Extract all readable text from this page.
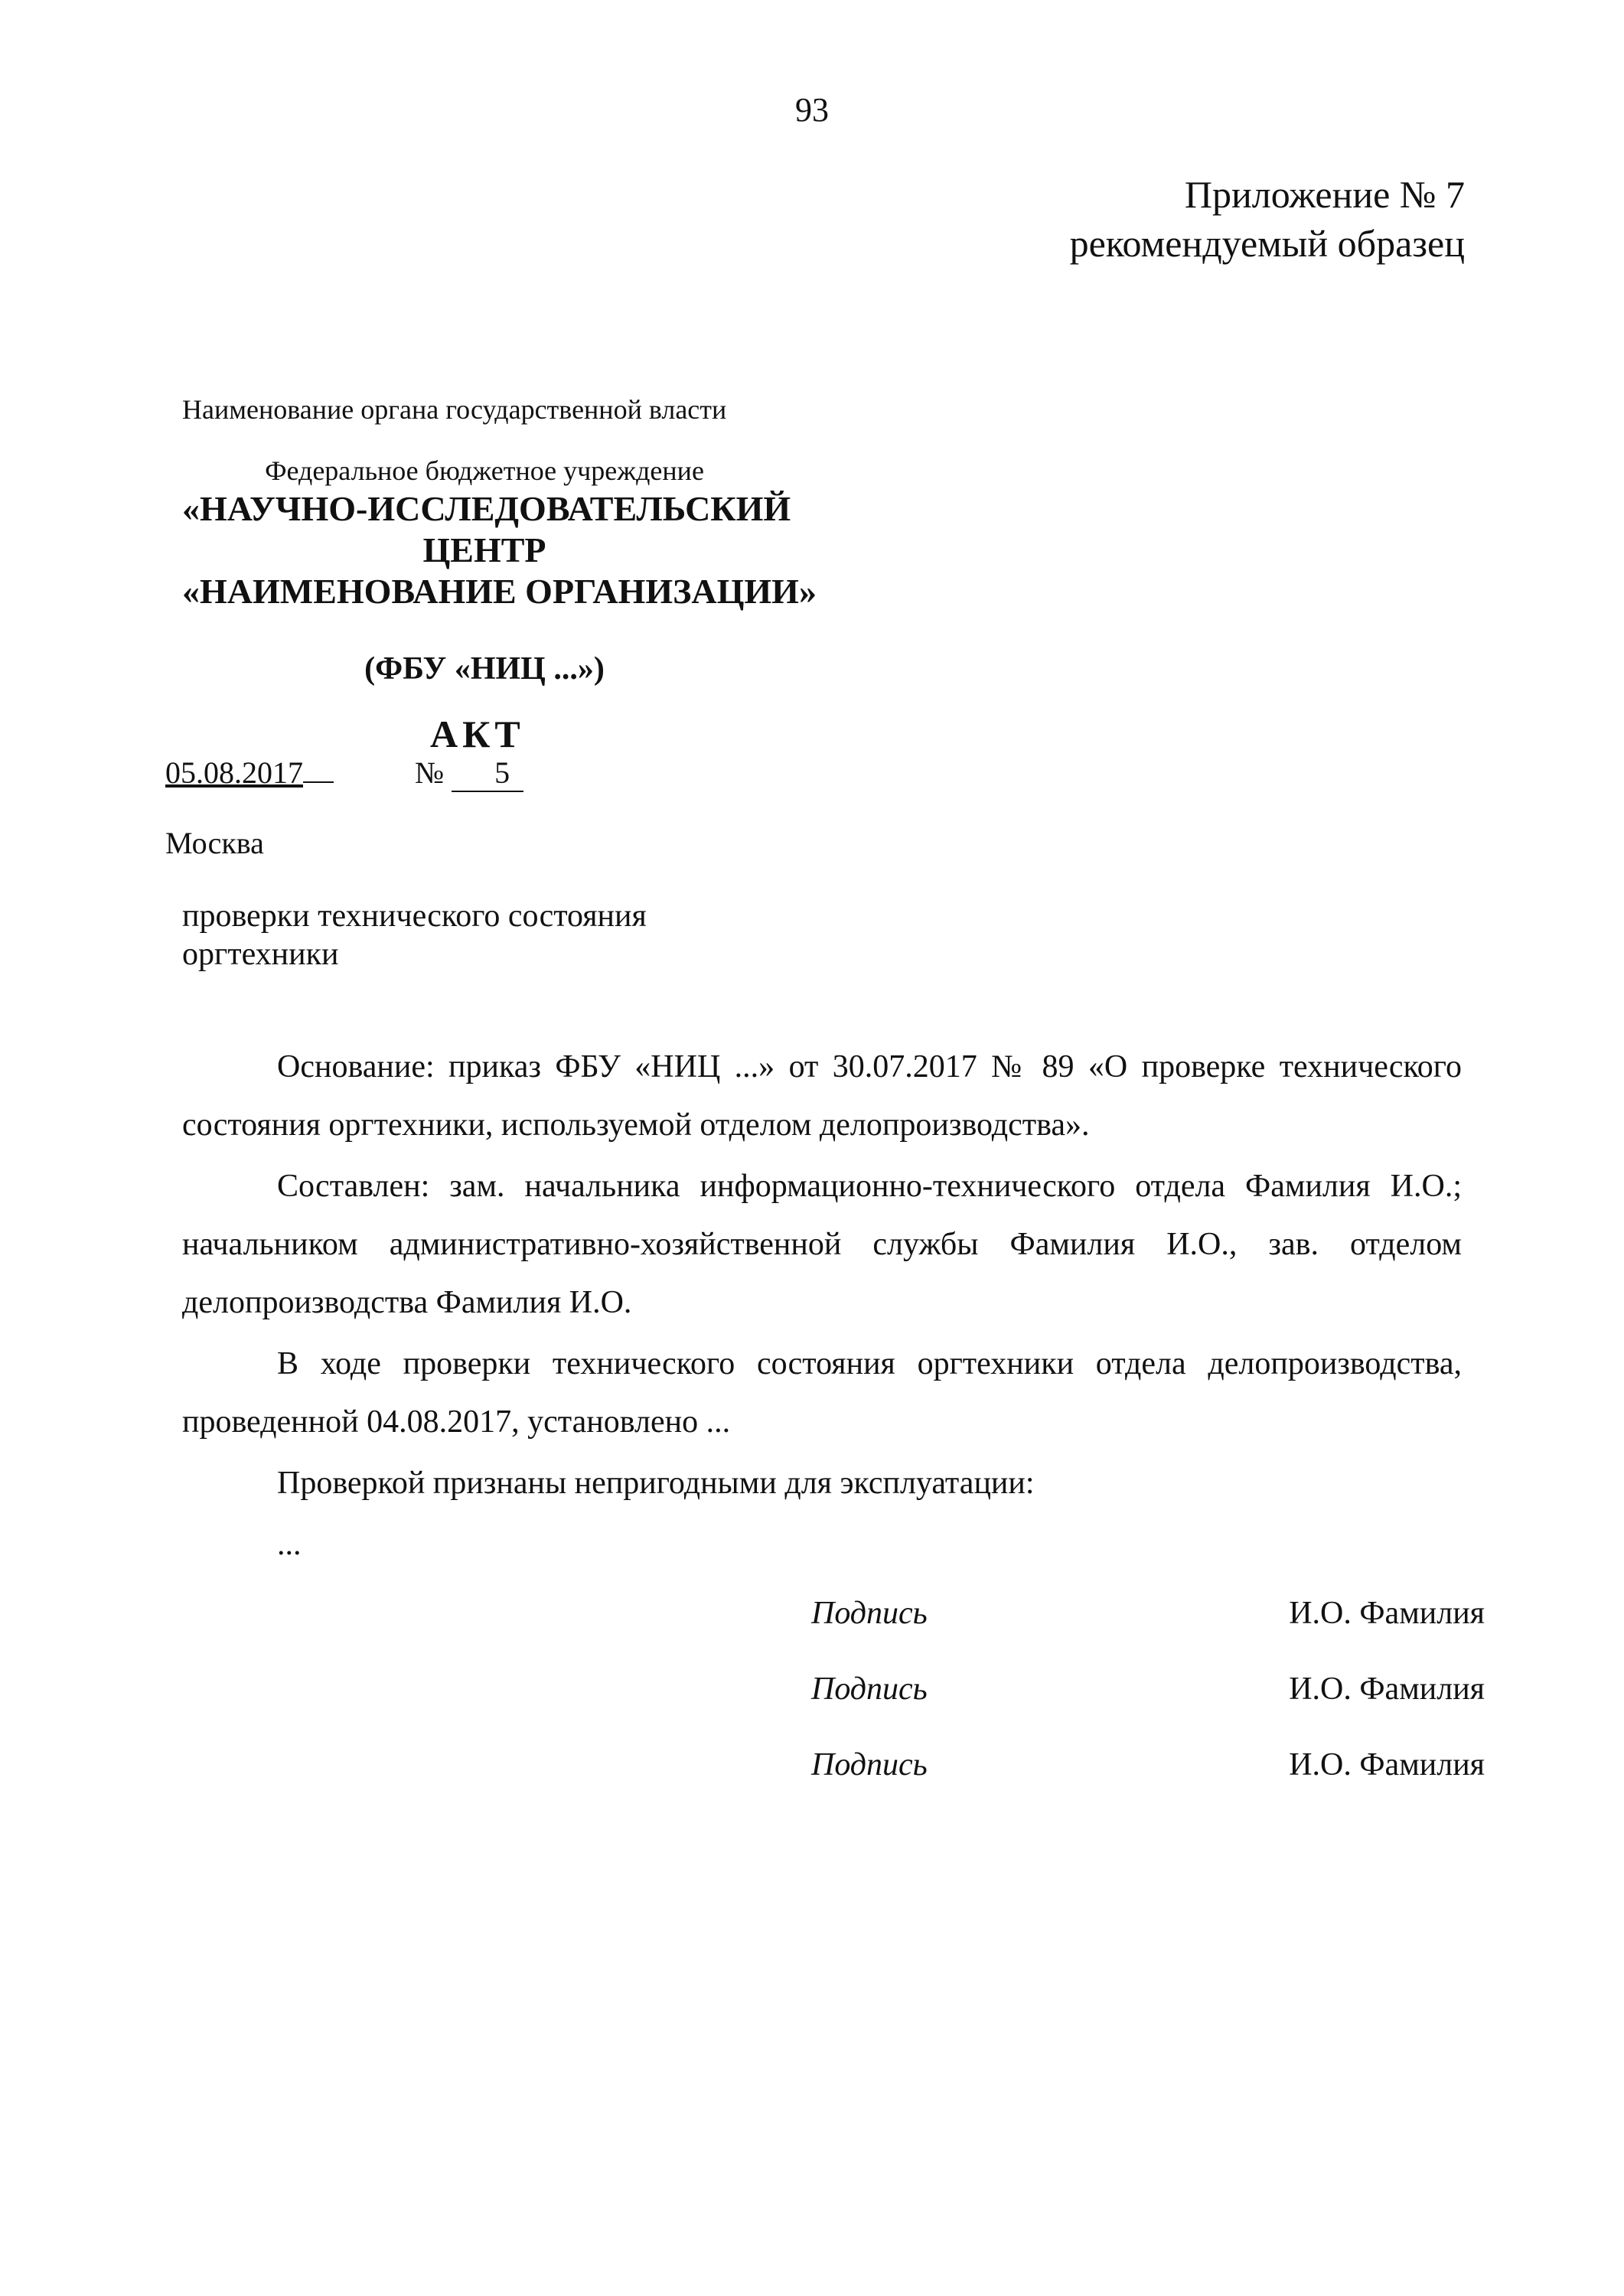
93
Приложение № 7
рекомендуемый образец
Наименование органа государственной власти
Федеральное бюджетное учреждение
«НАУЧНО-ИССЛЕДОВАТЕЛЬСКИЙ
ЦЕНТР
«НАИМЕНОВАНИЕ ОРГАНИЗАЦИИ»
(ФБУ «НИЦ ...»)
АКТ
05.08.2017	№ 5
Москва
проверки технического состояния
оргтехники

Основание: приказ ФБУ «НИЦ ...» от 30.07.2017 № 89 «О проверке технического состояния оргтехники, используемой отделом делопроизводства».

Составлен: зам. начальника информационно-технического отдела Фамилия И.О.; начальником административно-хозяйственной службы Фамилия И.О., зав. отделом делопроизводства Фамилия И.О.

В ходе проверки технического состояния оргтехники отдела делопроизводства, проведенной 04.08.2017, установлено ...

Проверкой признаны непригодными для эксплуатации:

...

Подпись	И.О. Фамилия
Подпись	И.О. Фамилия
Подпись	И.О. Фамилия
